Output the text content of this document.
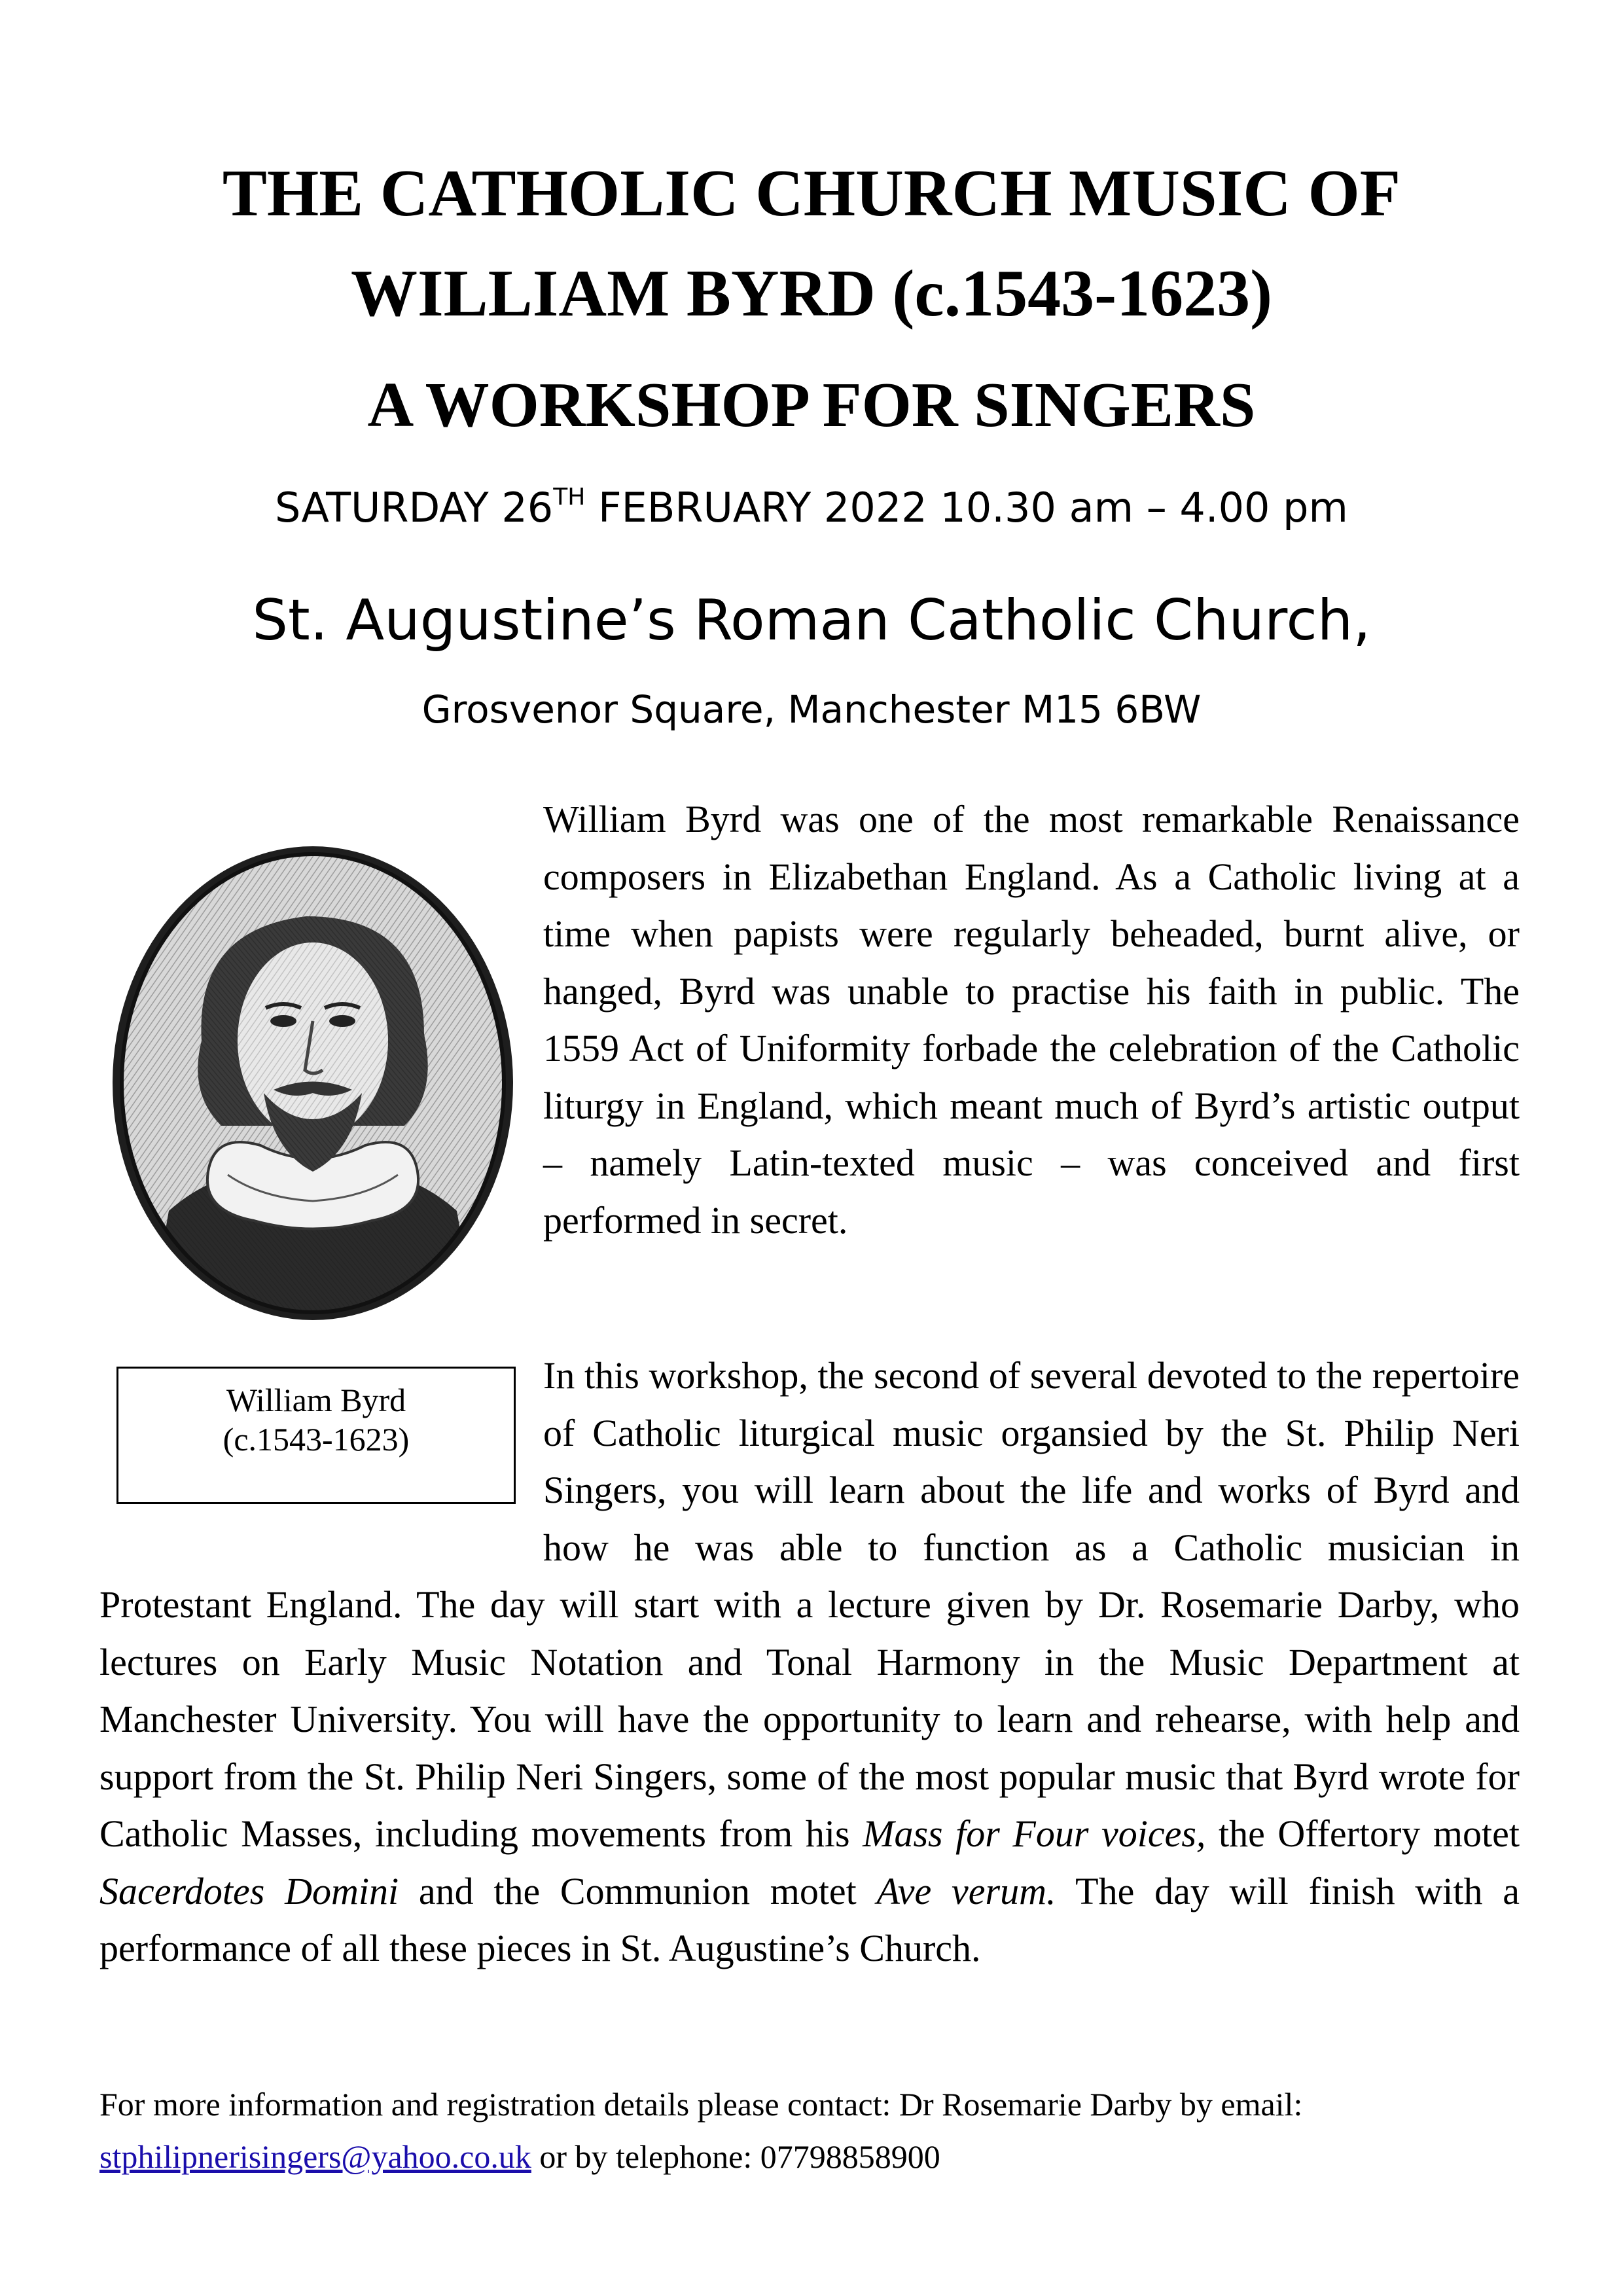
THE CATHOLIC CHURCH MUSIC OF
WILLIAM BYRD (c.1543-1623)
A WORKSHOP FOR SINGERS
SATURDAY 26TH FEBRUARY 2022 10.30 am – 4.00 pm
St. Augustine’s Roman Catholic Church,
Grosvenor Square, Manchester M15 6BW
William Byrd
(c.1543-1623)

William Byrd was one of the most remarkable Renaissance composers in Elizabethan England. As a Catholic living at a time when papists were regularly beheaded, burnt alive, or hanged, Byrd was unable to practise his faith in public. The 1559 Act of Uniformity forbade the celebration of the Catholic liturgy in England, which meant much of Byrd’s artistic output – namely Latin-texted music – was conceived and first performed in secret.

In this workshop, the second of several devoted to the repertoire of Catholic liturgical music organsied by the St. Philip Neri Singers, you will learn about the life and works of Byrd and how he was able to function as a Catholic musician in Protestant England. The day will start with a lecture given by Dr. Rosemarie Darby, who lectures on Early Music Notation and Tonal Harmony in the Music Department at Manchester University. You will have the opportunity to learn and rehearse, with help and support from the St. Philip Neri Singers, some of the most popular music that Byrd wrote for Catholic Masses, including movements from his Mass for Four voices, the Offertory motet Sacerdotes Domini and the Communion motet Ave verum. The day will finish with a performance of all these pieces in St. Augustine’s Church.

For more information and registration details please contact: Dr Rosemarie Darby by email:

stphilipnerisingers@yahoo.co.uk or by telephone: 07798858900
